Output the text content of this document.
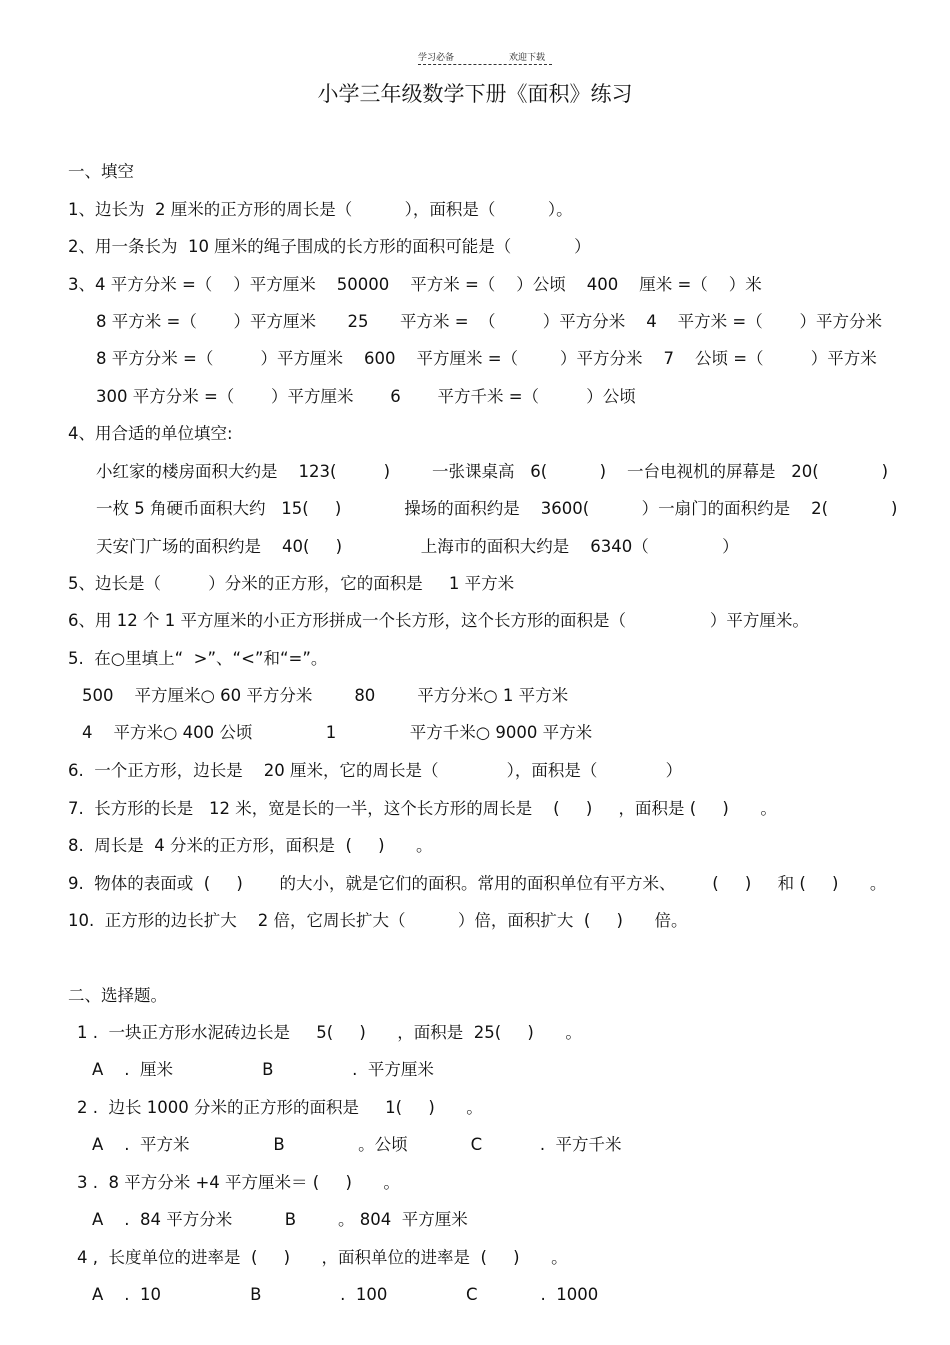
学习必备	欢迎下载
小学三年级数学下册《面积》练习
一、填空
1、边长为  2 厘米的正方形的周长是（          ），面积是（          ）。
2、用一条长为  10 厘米的绳子围成的长方形的面积可能是（            ）
3、4 平方分米 =（    ）平方厘米    50000    平方米 =（    ）公顷    400    厘米 =（    ）米
8 平方米 =（       ）平方厘米      25      平方米 =  （         ）平方分米    4    平方米 =（       ）平方分米
8 平方分米 =（         ）平方厘米    600    平方厘米 =（        ）平方分米    7    公顷 =（         ）平方米
300 平方分米 =（       ）平方厘米       6       平方千米 =（         ）公顷
4、用合适的单位填空:
小红家的楼房面积大约是    123(         )        一张课桌高   6(          )    一台电视机的屏幕是   20(            )
一枚 5 角硬币面积大约   15(     )            操场的面积约是    3600(          ）一扇门的面积约是    2(            )
天安门广场的面积约是    40(     )               上海市的面积大约是    6340（              ）
5、边长是（         ）分米的正方形，它的面积是     1 平方米
6、用 12 个 1 平方厘米的小正方形拼成一个长方形，这个长方形的面积是（                ）平方厘米。
5.  在○里填上“  >”、“<”和“=”。
500    平方厘米○ 60 平方分米        80        平方分米○ 1 平方米
4    平方米○ 400 公顷              1              平方千米○ 9000 平方米
6.  一个正方形，边长是    20 厘米，它的周长是（             ），面积是（             ）
7.  长方形的长是   12 米，宽是长的一半，这个长方形的周长是    (     )     ，面积是 (     )      。
8.  周长是  4 分米的正方形，面积是  (     )      。
9.  物体的表面或  (     )       的大小，就是它们的面积。常用的面积单位有平方米、       (     )     和 (     )      。
10.  正方形的边长扩大    2 倍，它周长扩大（          ）倍，面积扩大  (     )      倍。
二、选择题。
1 .  一块正方形水泥砖边长是     5(     )      ，面积是  25(     )      。
A    .  厘米                 B               .  平方厘米
2 .  边长 1000 分米的正方形的面积是     1(     )      。
A    .  平方米                B              。公顷            C           .  平方千米
3 .  8 平方分米 +4 平方厘米＝ (     )      。
A    .  84 平方分米          B        。 804  平方厘米
4 ,  长度单位的进率是  (     )      ，面积单位的进率是  (     )      。
A    .  10                 B               .  100               C            .  1000
